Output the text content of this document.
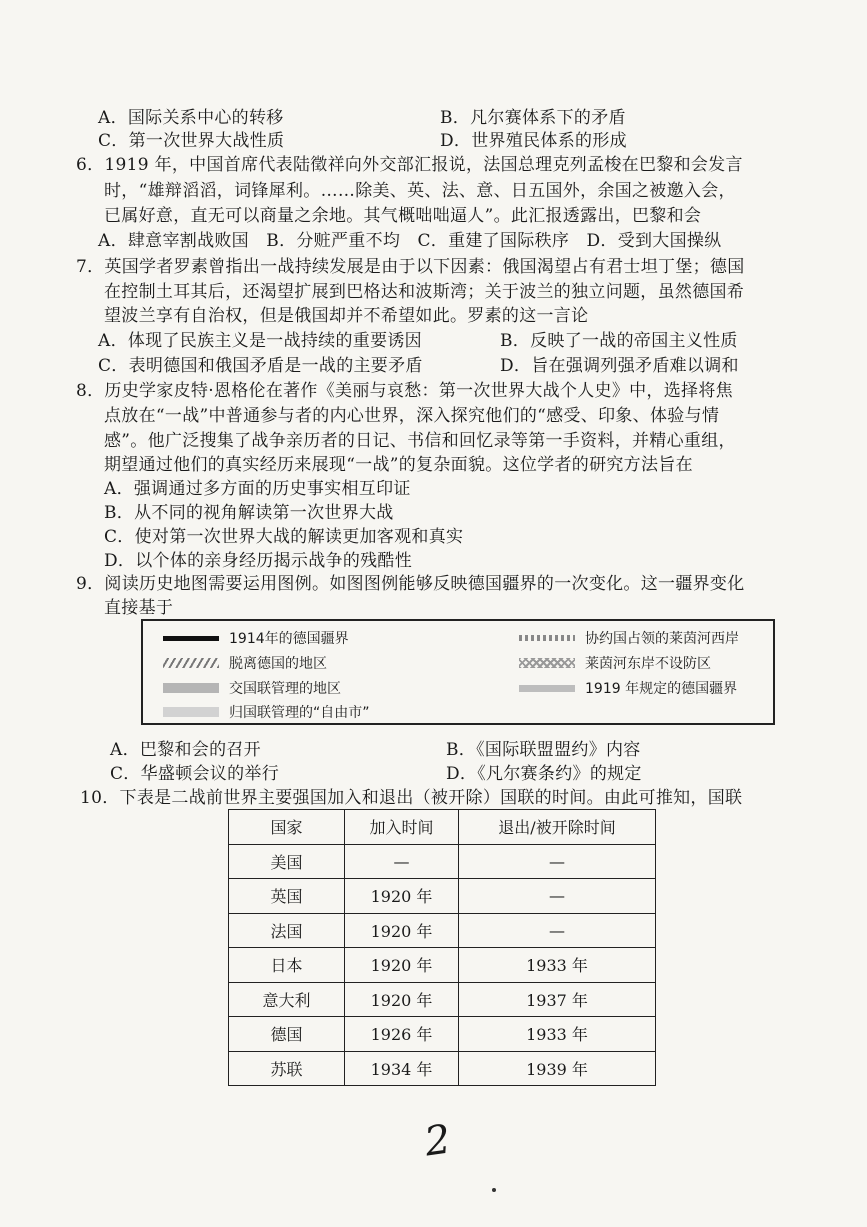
A．国际关系中心的转移	B．凡尔赛体系下的矛盾
C．第一次世界大战性质	D．世界殖民体系的形成
6．1919 年，中国首席代表陆徵祥向外交部汇报说，法国总理克列孟梭在巴黎和会发言
时，“雄辩滔滔，词锋犀利。……除美、英、法、意、日五国外，余国之被邀入会，
已属好意，直无可以商量之余地。其气概咄咄逼人”。此汇报透露出，巴黎和会
A．肆意宰割战败国　B．分赃严重不均　C．重建了国际秩序　D．受到大国操纵
7．英国学者罗素曾指出一战持续发展是由于以下因素：俄国渴望占有君士坦丁堡；德国
在控制土耳其后，还渴望扩展到巴格达和波斯湾；关于波兰的独立问题，虽然德国希
望波兰享有自治权，但是俄国却并不希望如此。罗素的这一言论
A．体现了民族主义是一战持续的重要诱因	B．反映了一战的帝国主义性质
C．表明德国和俄国矛盾是一战的主要矛盾	D．旨在强调列强矛盾难以调和
8．历史学家皮特·恩格伦在著作《美丽与哀愁：第一次世界大战个人史》中，选择将焦
点放在“一战”中普通参与者的内心世界，深入探究他们的“感受、印象、体验与情
感”。他广泛搜集了战争亲历者的日记、书信和回忆录等第一手资料，并精心重组，
期望通过他们的真实经历来展现“一战”的复杂面貌。这位学者的研究方法旨在
A．强调通过多方面的历史事实相互印证
B．从不同的视角解读第一次世界大战
C．使对第一次世界大战的解读更加客观和真实
D．以个体的亲身经历揭示战争的残酷性
9．阅读历史地图需要运用图例。如图图例能够反映德国疆界的一次变化。这一疆界变化
直接基于
1914年的德国疆界	协约国占领的莱茵河西岸
脱离德国的地区	莱茵河东岸不设防区
交国联管理的地区	1919 年规定的德国疆界
归国联管理的“自由市”
A．巴黎和会的召开	B．《国际联盟盟约》内容
C．华盛顿会议的举行	D．《凡尔赛条约》的规定
10．下表是二战前世界主要强国加入和退出（被开除）国联的时间。由此可推知，国联
国家	加入时间	退出/被开除时间
美国	—	—
英国	1920 年	—
法国	1920 年	—
日本	1920 年	1933 年
意大利	1920 年	1937 年
德国	1926 年	1933 年
苏联	1934 年	1939 年
2
